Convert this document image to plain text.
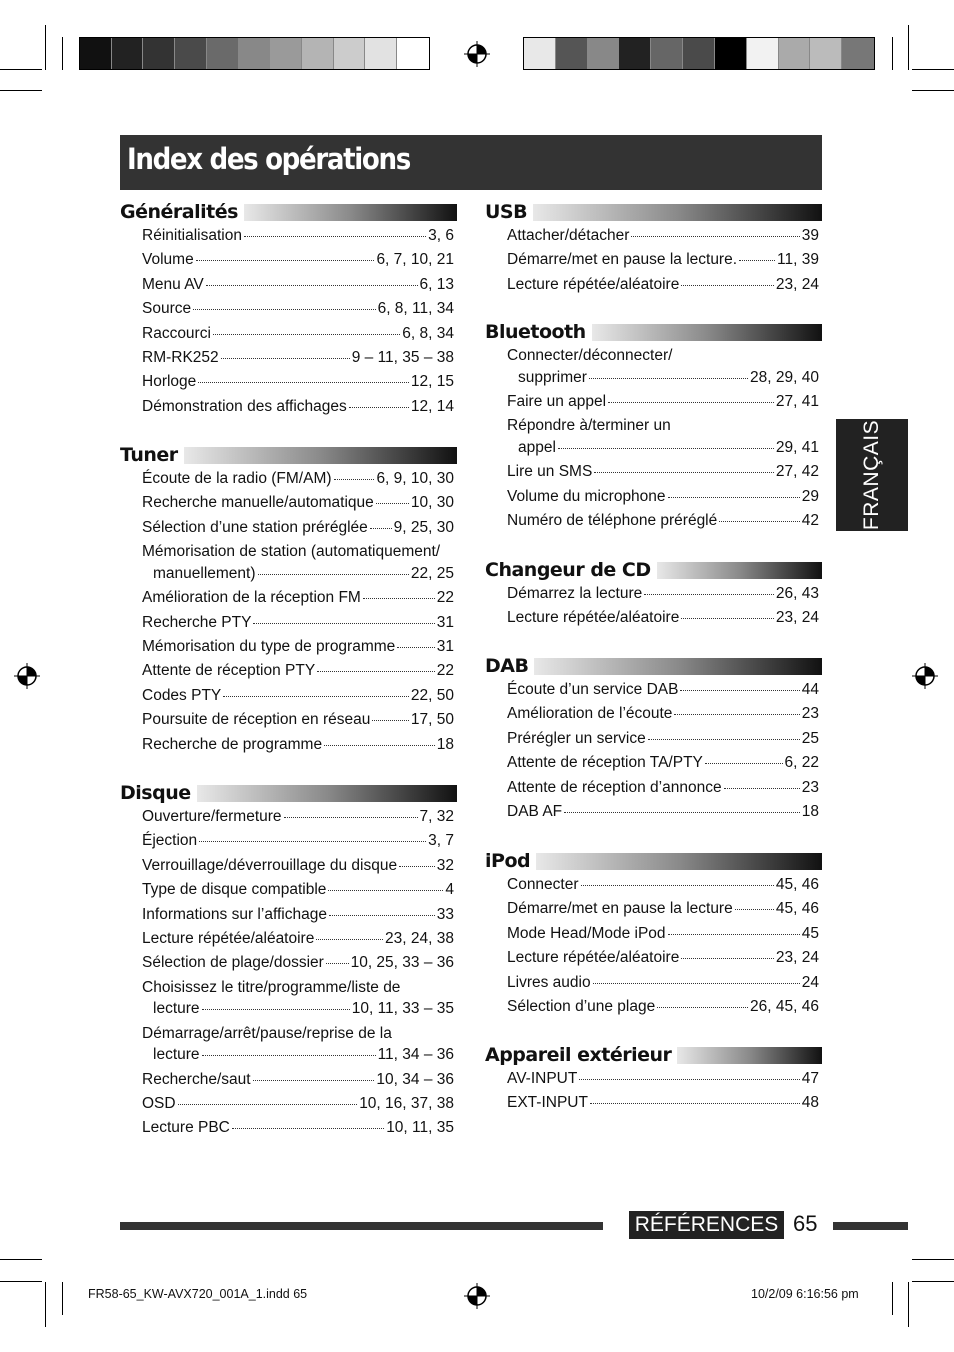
Index des opérations
FRANÇAIS
Généralités
Réinitialisation	3, 6
Volume	6, 7, 10, 21
Menu AV	6, 13
Source	6, 8, 11, 34
Raccourci	6, 8, 34
RM-RK252	9 – 11, 35 – 38
Horloge	12, 15
Démonstration des affichages	12, 14
Tuner
Écoute de la radio (FM/AM)	6, 9, 10, 30
Recherche manuelle/automatique 10, 30
Sélection d’une station préréglée 9, 25, 30
Mémorisation de station (automatiquement/
manuellement)	22, 25
Amélioration de la réception FM	22
Recherche PTY	31
Mémorisation du type de programme	31
Attente de réception PTY	22
Codes PTY	22, 50
Poursuite de réception en réseau	17, 50
Recherche de programme	18
Disque
Ouverture/fermeture	7, 32
Éjection	3, 7
Verrouillage/déverrouillage du disque	32
Type de disque compatible	4
Informations sur l’affichage	33
Lecture répétée/aléatoire	23, 24, 38
Sélection de plage/dossier 10, 25, 33 – 36
Choisissez le titre/programme/liste de
lecture	10, 11, 33 – 35
Démarrage/arrêt/pause/reprise de la
lecture	11, 34 – 36
Recherche/saut	10, 34 – 36
OSD	10, 16, 37, 38
Lecture PBC	10, 11, 35
USB
Attacher/détacher	39
Démarre/met en pause la lecture.	11, 39
Lecture répétée/aléatoire	23, 24
Bluetooth
Connecter/déconnecter/
supprimer	28, 29, 40
Faire un appel	27, 41
Répondre à/terminer un
appel	29, 41
Lire un SMS	27, 42
Volume du microphone	29
Numéro de téléphone préréglé	42
Changeur de CD
Démarrez la lecture	26, 43
Lecture répétée/aléatoire	23, 24
DAB
Écoute d’un service DAB	44
Amélioration de l’écoute	23
Prérégler un service	25
Attente de réception TA/PTY	6, 22
Attente de réception d’annonce	23
DAB AF	18
iPod
Connecter	45, 46
Démarre/met en pause la lecture	45, 46
Mode Head/Mode iPod	45
Lecture répétée/aléatoire	23, 24
Livres audio	24
Sélection d’une plage	26, 45, 46
Appareil extérieur
AV-INPUT	47
EXT-INPUT	48
RÉFÉRENCES 65
FR58-65_KW-AVX720_001A_1.indd 65	10/2/09 6:16:56 pm
